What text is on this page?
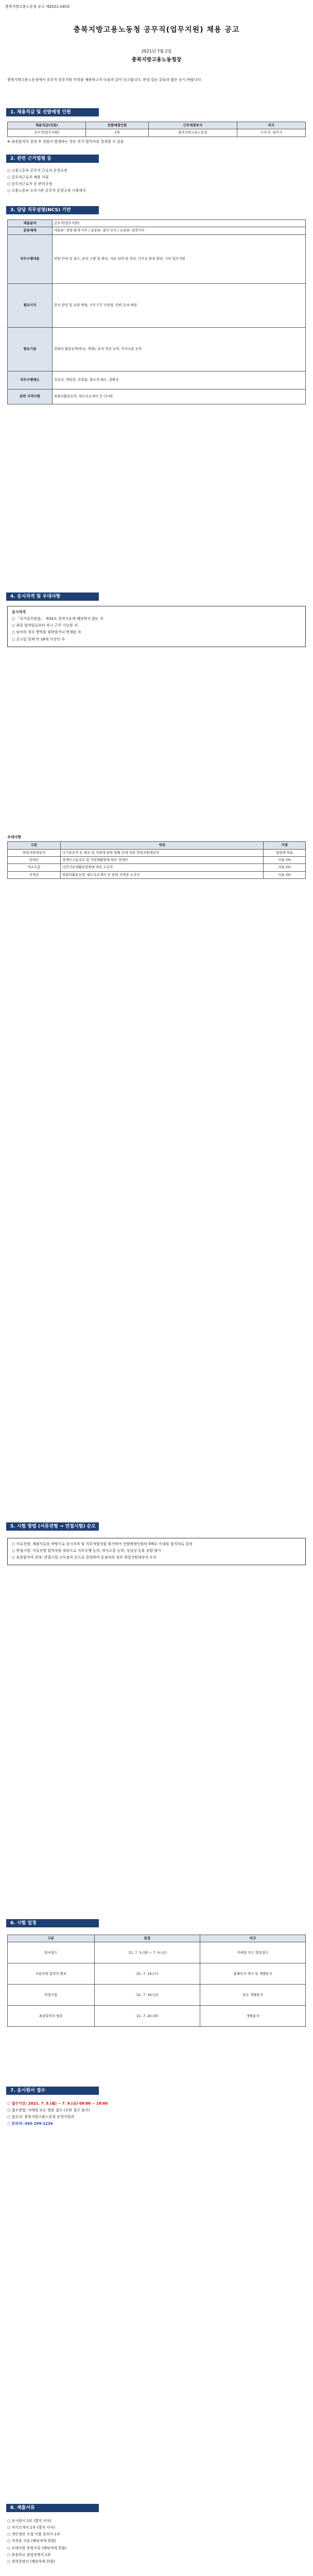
충북지방고용노동청 공고 제2021-140호
충북지방고용노동청 공무직(업무지원) 채용 공고
2021년 7월 2일
충북지방고용노동청장

충북지방고용노동청에서 공무직 업무지원 인력을 채용하고자 다음과 같이 공고합니다. 관심 있는 분들의 많은 응시 바랍니다.

1. 채용직급 및 선발예정 인원
채용직급(직종)	선발예정인원	근무예정부서	비고
공무직(업무지원)	1명	충북지방고용노동청	근무지: 청주시

※ 최종합격자 결정 후 결원이 발생하는 경우 추가 합격자를 결정할 수 있음

2. 관련 근거법령 등

○ 고용노동부 공무직 근로자 운영규정

○ 공무직근로자 채용 지침

○ 공무직근로자 등 관리규정

○ 고용노동부 소속기관 공무직 운영규정 시행세칙

3. 담당 직무설명(NCS) 기반
채용분야	공무직(업무지원)
분류체계	대분류: 경영·회계·사무 / 중분류: 총무·인사 / 소분류: 일반사무
직무수행내용	민원 안내 및 접수, 문서 수발 및 관리, 자료 입력 및 정리, 사무실 환경 관리, 기타 업무지원
필요지식	문서 관리 및 보관 방법, 사무기기 사용법, 민원 응대 예절
필요기술	컴퓨터 활용능력(한글, 엑셀), 문서 작성 능력, 의사소통 능력
직무수행태도	성실성, 책임감, 친절함, 협조적 태도, 정확성
관련 자격사항	컴퓨터활용능력, 워드프로세서 등 (우대)
4. 응시자격 및 우대사항

응시자격

○ 「국가공무원법」 제33조 결격사유에 해당하지 않는 자

○ 최종 합격일로부터 즉시 근무 가능한 자

○ 남자의 경우 병역을 필하였거나 면제된 자

○ 공고일 현재 만 18세 이상인 자

우대사항

구분	대상	가점
취업지원대상자	국가유공자 등 예우 및 지원에 관한 법률 등에 의한 취업지원대상자	법령에 따름
장애인	장애인고용촉진 및 직업재활법에 따른 장애인	서류 5%
저소득층	국민기초생활보장법에 따른 수급자	서류 5%
자격증	컴퓨터활용능력, 워드프로세서 등 관련 자격증 소지자	서류 3%
5. 시험 방법 (서류전형 → 면접시험) 순으로 실시

○ 서류전형: 제출서류를 바탕으로 응시자격 및 직무적합성을 평가하여 선발예정인원의 5배수 이내를 합격자로 결정

○ 면접시험: 서류전형 합격자를 대상으로 직무수행 능력, 의사소통 능력, 성실성 등을 종합 평가

○ 최종합격자 결정: 면접시험 고득점자 순으로 결정하며 동점자의 경우 취업지원대상자 우선

6. 시험 일정
구분	일정	비고
원서접수	'21. 7. 5.(월) ~ 7. 9.(금)	이메일 또는 방문접수
서류전형 합격자 발표	'21. 7. 14.(수)	홈페이지 게시 및 개별통지
면접시험	'21. 7. 16.(금)	장소 개별통지
최종합격자 발표	'21. 7. 20.(화)	개별통지
7. 응시원서 접수

○ 접수기간: 2021. 7. 5.(월) ~ 7. 9.(금) 09:00 ~ 18:00

○ 접수방법: 이메일 또는 방문 접수 (우편 접수 불가)

○ 접수처: 충북지방고용노동청 운영지원과

○ 문의처: 043-299-1234

8. 제출서류

○ 응시원서 1부 (별지 서식)

○ 자기소개서 1부 (별지 서식)

○ 개인정보 수집·이용 동의서 1부

○ 자격증 사본 (해당자에 한함)

○ 우대사항 증빙서류 (해당자에 한함)

○ 최종학교 졸업증명서 1부

○ 경력증명서 (해당자에 한함)
